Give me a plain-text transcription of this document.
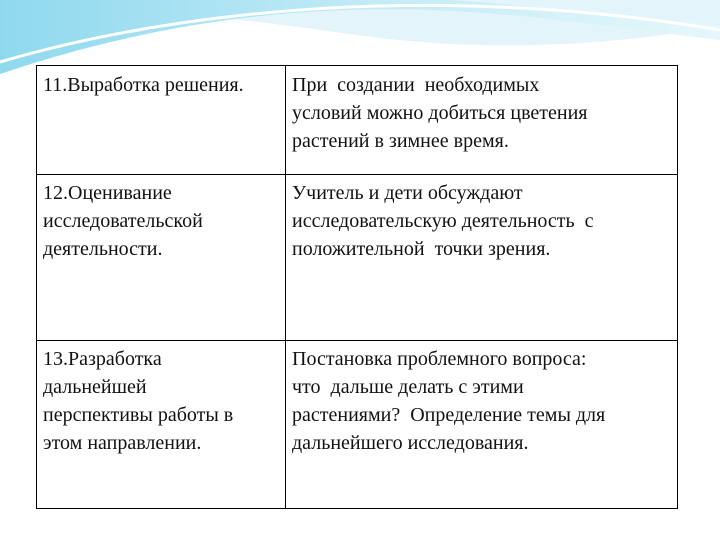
11.Выработка решения.	При  создании  необходимых
условий можно добиться цветения
растений в зимнее время.

12.Оценивание
исследовательской
деятельности.	Учитель и дети обсуждают
исследовательскую деятельность  с
положительной  точки зрения.

13.Разработка
дальнейшей
перспективы работы в
этом направлении.	Постановка проблемного вопроса:
что  дальше делать с этими
растениями?  Определение темы для
дальнейшего исследования.
